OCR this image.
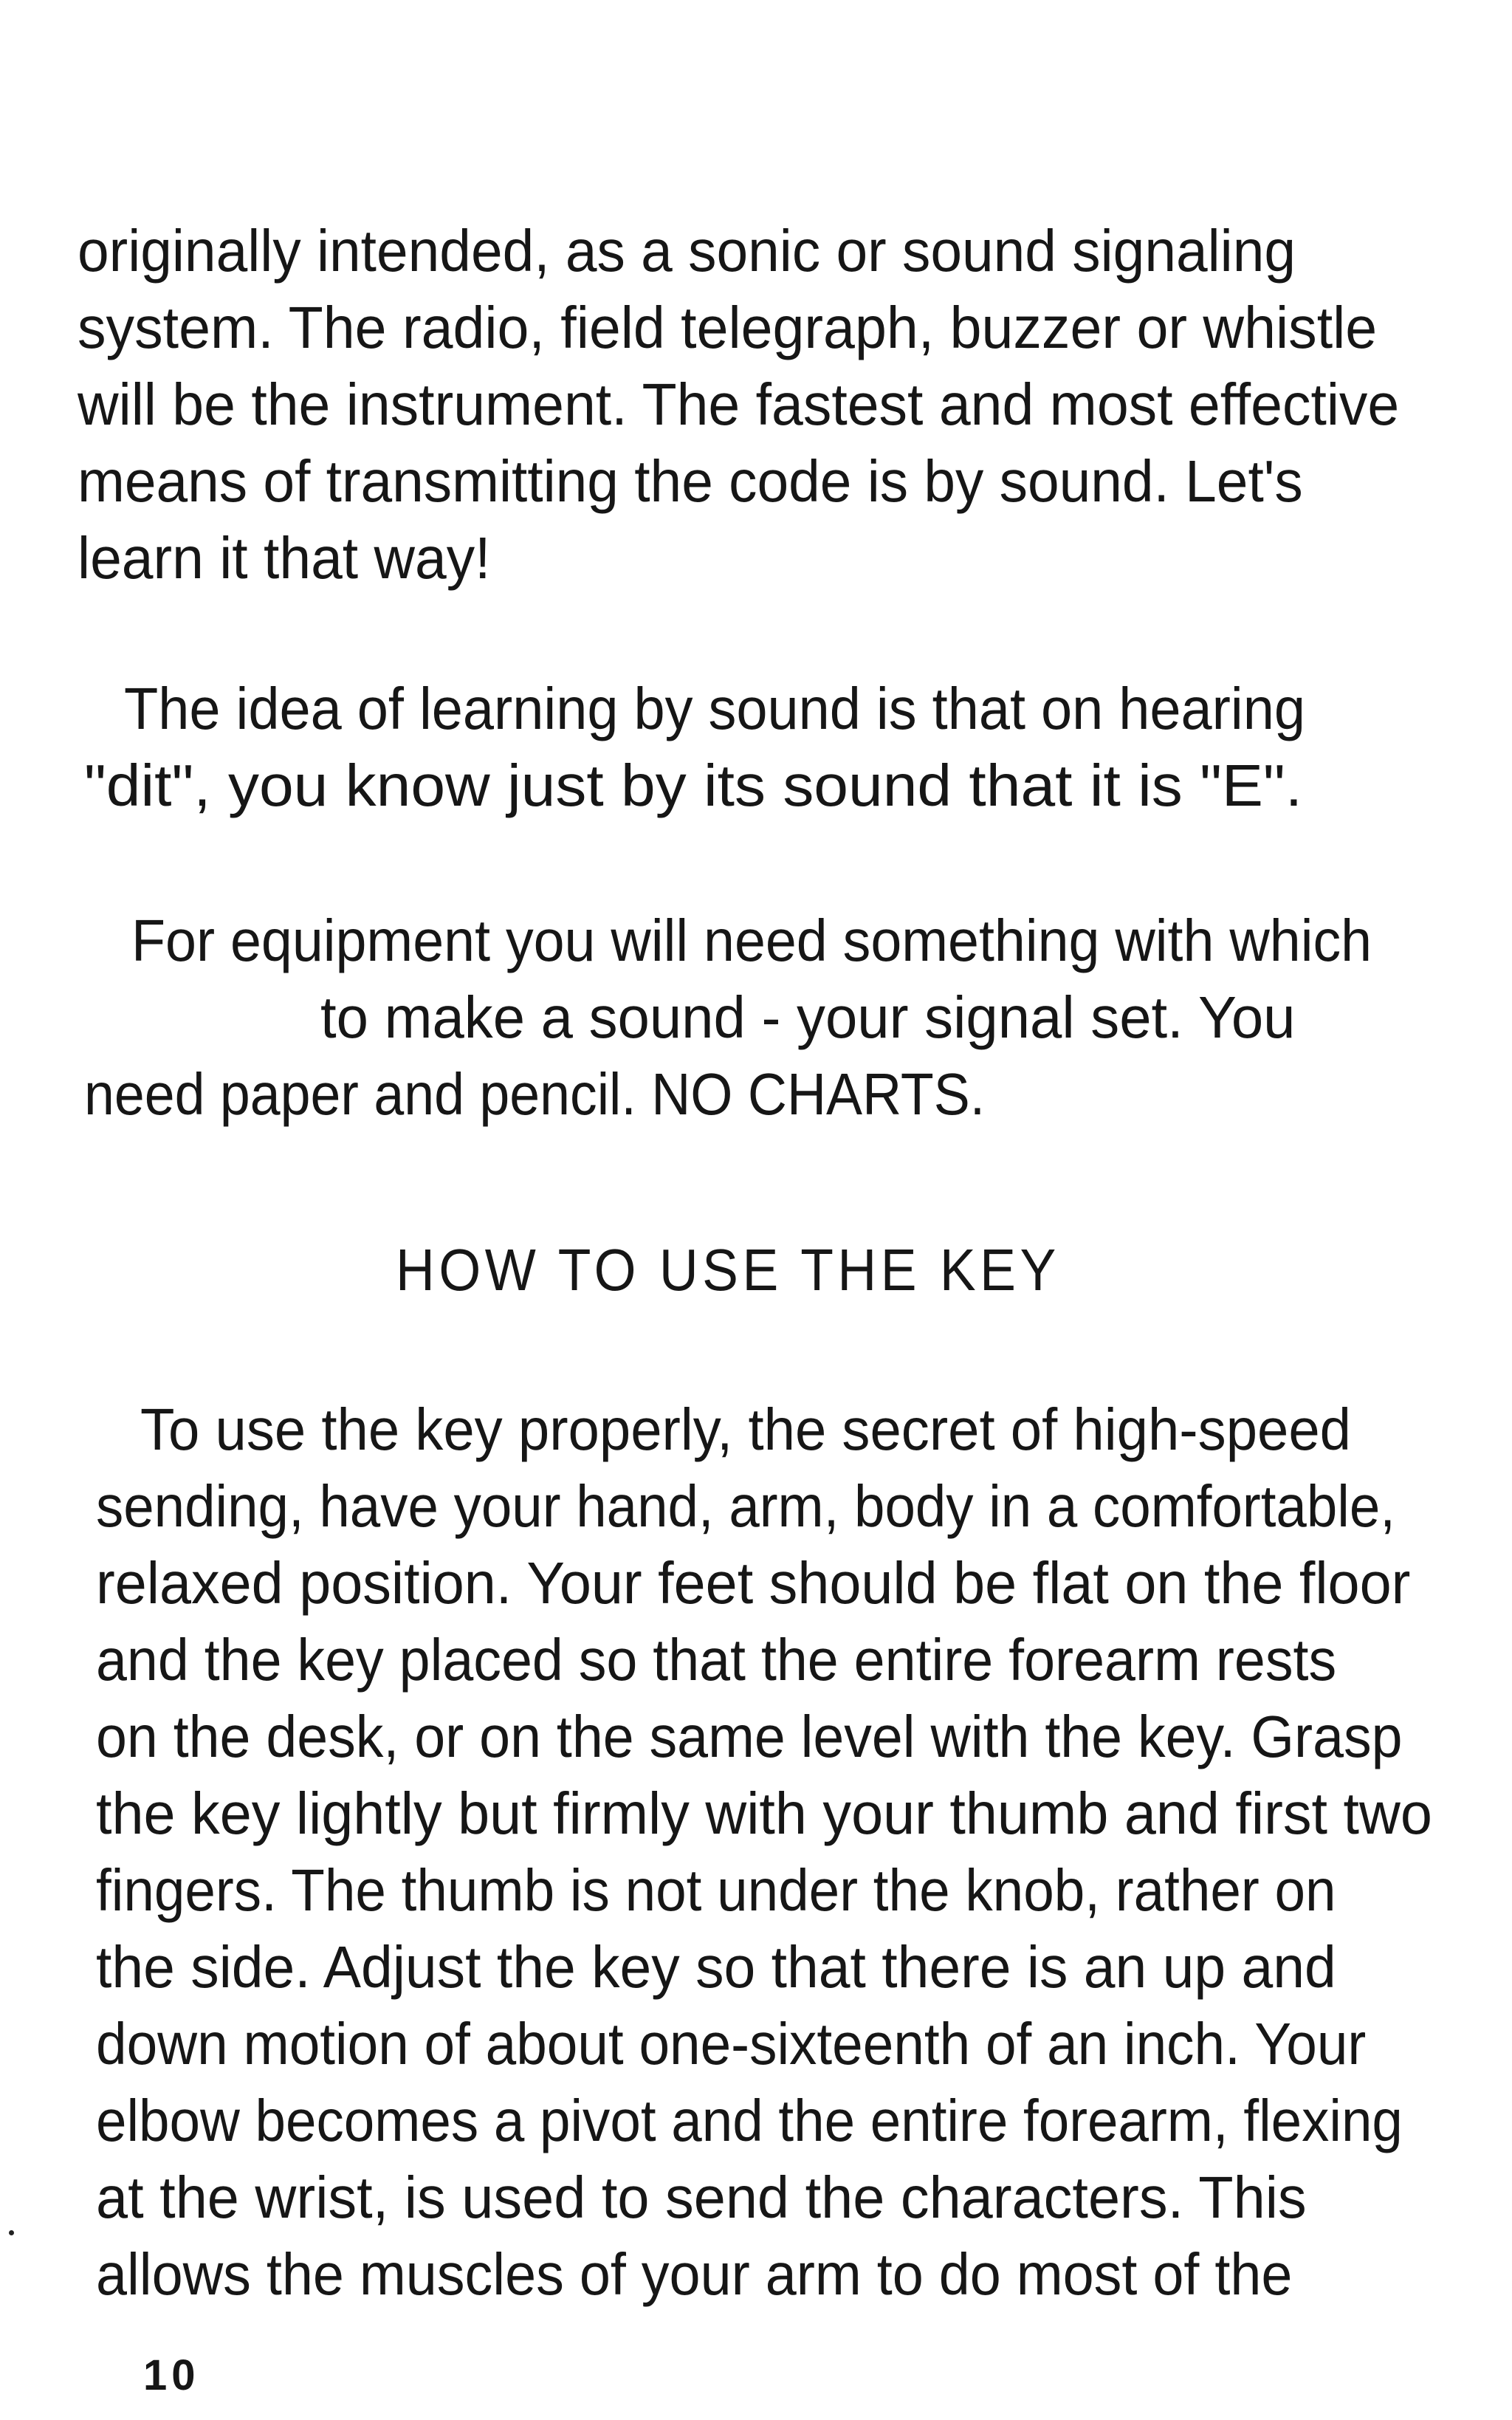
originally intended, as a sonic or sound signaling
system. The radio, field telegraph, buzzer or whistle
will be the instrument. The fastest and most effective
means of transmitting the code is by sound. Let's
learn it that way!
The idea of learning by sound is that on hearing
"dit", you know just by its sound that it is "E".
For equipment you will need something with which
to make a sound - your signal set. You
need paper and pencil. NO CHARTS.
HOW TO USE THE KEY
To use the key properly, the secret of high-speed
sending, have your hand, arm, body in a comfortable,
relaxed position. Your feet should be flat on the floor
and the key placed so that the entire forearm rests
on the desk, or on the same level with the key. Grasp
the key lightly but firmly with your thumb and first two
fingers. The thumb is not under the knob, rather on
the side. Adjust the key so that there is an up and
down motion of about one-sixteenth of an inch. Your
elbow becomes a pivot and the entire forearm, flexing
at the wrist, is used to send the characters. This
allows the muscles of your arm to do most of the
10
